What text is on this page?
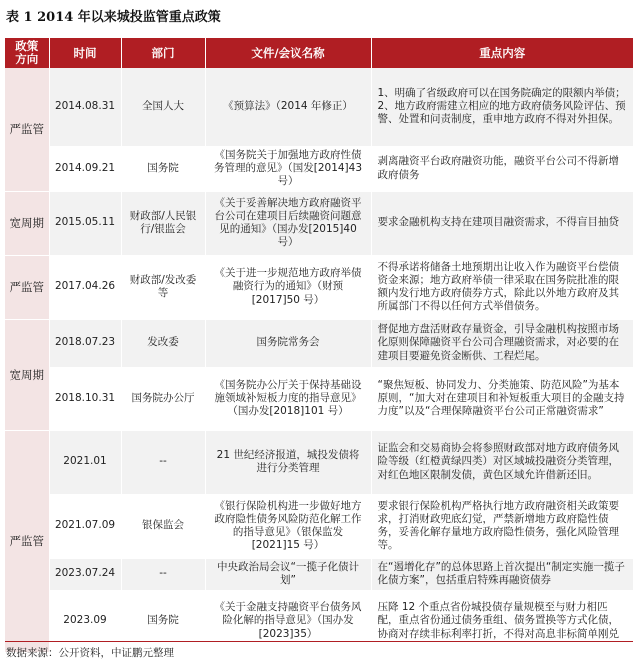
表 1 2014 年以来城投监管重点政策
政策方向	时间	部门	文件/会议名称	重点内容
严监管	2014.08.31	全国人大	《预算法》（2014 年修正）	1、明确了省级政府可以在国务院确定的限额内举债；2、地方政府需建立相应的地方政府债务风险评估、预警、处置和问责制度，重申地方政府不得对外担保。
	2014.09.21	国务院	《国务院关于加强地方政府性债务管理的意见》（国发[2014]43 号）	剥离融资平台政府融资功能，融资平台公司不得新增政府债务
宽周期	2015.05.11	财政部/人民银行/银监会	《关于妥善解决地方政府融资平台公司在建项目后续融资问题意见的通知》（国办发[2015]40 号）	要求金融机构支持在建项目融资需求，不得盲目抽贷
严监管	2017.04.26	财政部/发改委等	《关于进一步规范地方政府举债融资行为的通知》（财预[2017]50 号）	不得承诺将储备土地预期出让收入作为融资平台偿债资金来源；地方政府举债一律采取在国务院批准的限额内发行地方政府债券方式，除此以外地方政府及其所属部门不得以任何方式举借债务。
宽周期	2018.07.23	发改委	国务院常务会	督促地方盘活财政存量资金，引导金融机构按照市场化原则保障融资平台公司合理融资需求，对必要的在建项目要避免资金断供、工程烂尾。
	2018.10.31	国务院办公厅	《国务院办公厅关于保持基础设施领域补短板力度的指导意见》（国办发[2018]101 号）	“聚焦短板、协同发力、分类施策、防范风险”为基本原则，“加大对在建项目和补短板重大项目的金融支持力度”以及“合理保障融资平台公司正常融资需求”
严监管	2021.01	--	21 世纪经济报道，城投发债将进行分类管理	证监会和交易商协会将参照财政部对地方政府债务风险等级（红橙黄绿四类）对区域城投融资分类管理，对红色地区限制发债，黄色区域允许借新还旧。
	2021.07.09	银保监会	《银行保险机构进一步做好地方政府隐性债务风险防范化解工作的指导意见》（银保监发[2021]15 号）	要求银行保险机构严格执行地方政府融资相关政策要求，打消财政兜底幻觉，严禁新增地方政府隐性债务，妥善化解存量地方政府隐性债务，强化风险管理等。
	2023.07.24	--	中央政治局会议“一揽子化债计划”	在“遏增化存”的总体思路上首次提出“制定实施一揽子化债方案”，包括重启特殊再融资债券
	2023.09	国务院	《关于金融支持融资平台债务风险化解的指导意见》（国办发[2023]35）	压降 12 个重点省份城投债存量规模至与财力相匹配，重点省份通过债务重组、债务置换等方式化债，协商对存续非标利率打折，不得对高息非标简单刚兑
数据来源：公开资料，中证鹏元整理
